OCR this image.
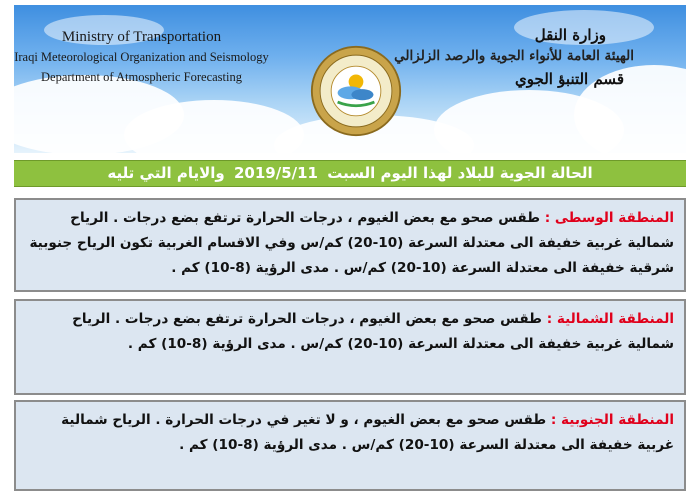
Ministry of Transportation
Iraqi Meteorological Organization and Seismology
Department of Atmospheric Forecasting
وزارة النقل
الهيئة العامة للأنواء الجوية والرصد الزلزالي
قسم التنبؤ الجوي
الحالة الجوية للبلاد لهذا اليوم السبت 2019/5/11 والايام التي تليه
المنطقة الوسطى : طقس صحو مع بعض الغيوم ، درجات الحرارة ترتفع بضع درجات . الرياح شمالية غربية خفيفة الى معتدلة السرعة (10-20) كم/س وفي الاقسام الغربية تكون الرياح جنوبية شرقية خفيفة الى معتدلة السرعة (10-20) كم/س . مدى الرؤية (8-10) كم .
المنطقة الشمالية : طقس صحو مع بعض الغيوم ، درجات الحرارة ترتفع بضع درجات . الرياح شمالية غربية خفيفة الى معتدلة السرعة (10-20) كم/س . مدى الرؤية (8-10) كم .
المنطقة الجنوبية : طقس صحو مع بعض الغيوم ، و لا تغير في درجات الحرارة . الرياح شمالية غربية خفيفة الى معتدلة السرعة (10-20) كم/س . مدى الرؤية (8-10) كم .
